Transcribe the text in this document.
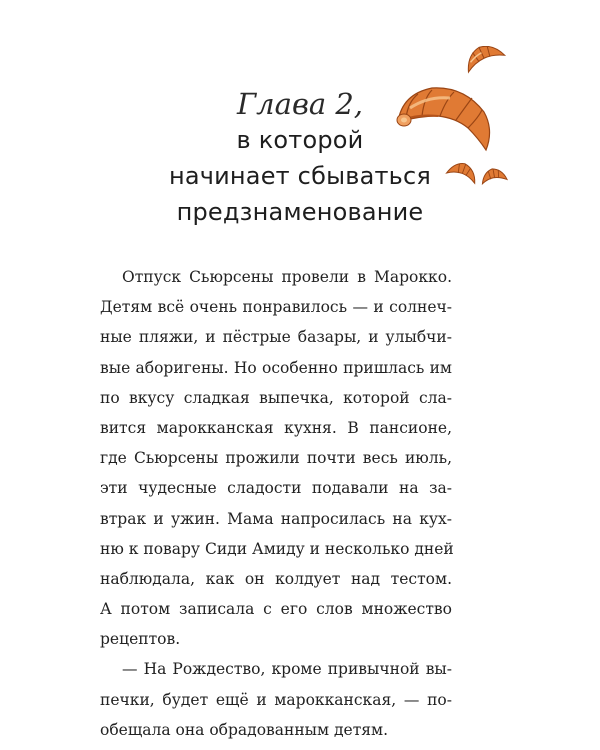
Глава 2,
в которой
начинает сбываться
предзнаменование
Отпуск Сьюрсены провели в Марокко.
Детям всё очень понравилось — и солнеч-
ные пляжи, и пёстрые базары, и улыбчи-
вые аборигены. Но особенно пришлась им
по вкусу сладкая выпечка, которой сла-
вится марокканская кухня. В пансионе,
где Сьюрсены прожили почти весь июль,
эти чудесные сладости подавали на за-
втрак и ужин. Мама напросилась на кух-
ню к повару Сиди Амиду и несколько дней
наблюдала, как он колдует над тестом.
А потом записала с его слов множество
рецептов.
— На Рождество, кроме привычной вы-
печки, будет ещё и марокканская, — по-
обещала она обрадованным детям.
